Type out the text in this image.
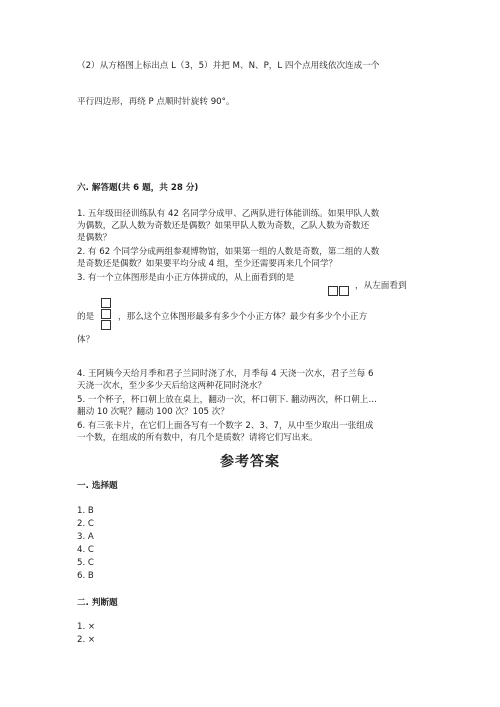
（2）从方格图上标出点 L（3，5）并把 M、N、P，L 四个点用线依次连成一个
平行四边形，再绕 P 点顺时针旋转 90°。
六. 解答题(共 6 题，共 28 分)
1. 五年级田径训练队有 42 名同学分成甲、乙两队进行体能训练。如果甲队人数
为偶数，乙队人数为奇数还是偶数？如果甲队人数为奇数，乙队人数为奇数还
是偶数？
2. 有 62 个同学分成两组参观博物馆，如果第一组的人数是奇数，第二组的人数
是奇数还是偶数？如果要平均分成 4 组，至少还需要再来几个同学？
3. 有一个立体图形是由小正方体拼成的，从上面看到的是
，从左面看到
的是	，那么这个立体图形最多有多少个小正方体？最少有多少个小正方
体？
4. 王阿姨今天给月季和君子兰同时浇了水，月季每 4 天浇一次水，君子兰每 6
天浇一次水，至少多少天后给这两种花同时浇水？
5. 一个杯子，杯口朝上放在桌上，翻动一次，杯口朝下. 翻动两次，杯口朝上…
翻动 10 次呢？翻动 100 次？105 次？
6. 有三张卡片，在它们上面各写有一个数字 2、3、7，从中至少取出一张组成
一个数，在组成的所有数中，有几个是质数？请将它们写出来。
参考答案
一. 选择题
1. B
2. C
3. A
4. C
5. C
6. B
二. 判断题
1. ×
2. ×
